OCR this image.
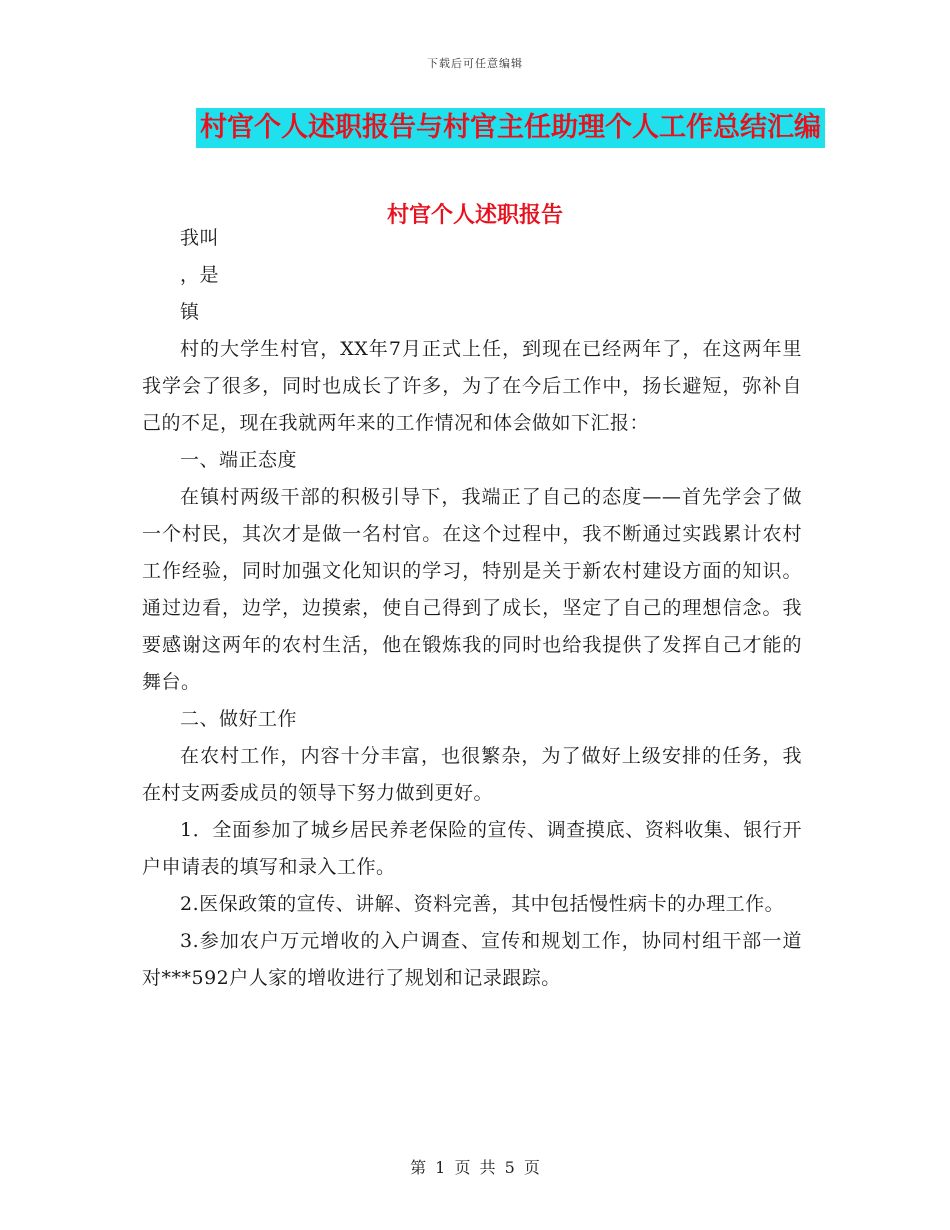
下载后可任意编辑
村官个人述职报告与村官主任助理个人工作总结汇编
村官个人述职报告

我叫

，是

镇

村的大学生村官，XX年7月正式上任，到现在已经两年了，在这两年里我学会了很多，同时也成长了许多，为了在今后工作中，扬长避短，弥补自己的不足，现在我就两年来的工作情况和体会做如下汇报：

一、端正态度

在镇村两级干部的积极引导下，我端正了自己的态度——首先学会了做一个村民，其次才是做一名村官。在这个过程中，我不断通过实践累计农村工作经验，同时加强文化知识的学习，特别是关于新农村建设方面的知识。通过边看，边学，边摸索，使自己得到了成长，坚定了自己的理想信念。我要感谢这两年的农村生活，他在锻炼我的同时也给我提供了发挥自己才能的舞台。

二、做好工作

在农村工作，内容十分丰富，也很繁杂，为了做好上级安排的任务，我在村支两委成员的领导下努力做到更好。

1．全面参加了城乡居民养老保险的宣传、调查摸底、资料收集、银行开户申请表的填写和录入工作。

2.医保政策的宣传、讲解、资料完善，其中包括慢性病卡的办理工作。

3.参加农户万元增收的入户调查、宣传和规划工作，协同村组干部一道对***592户人家的增收进行了规划和记录跟踪。

第 1 页 共 5 页
